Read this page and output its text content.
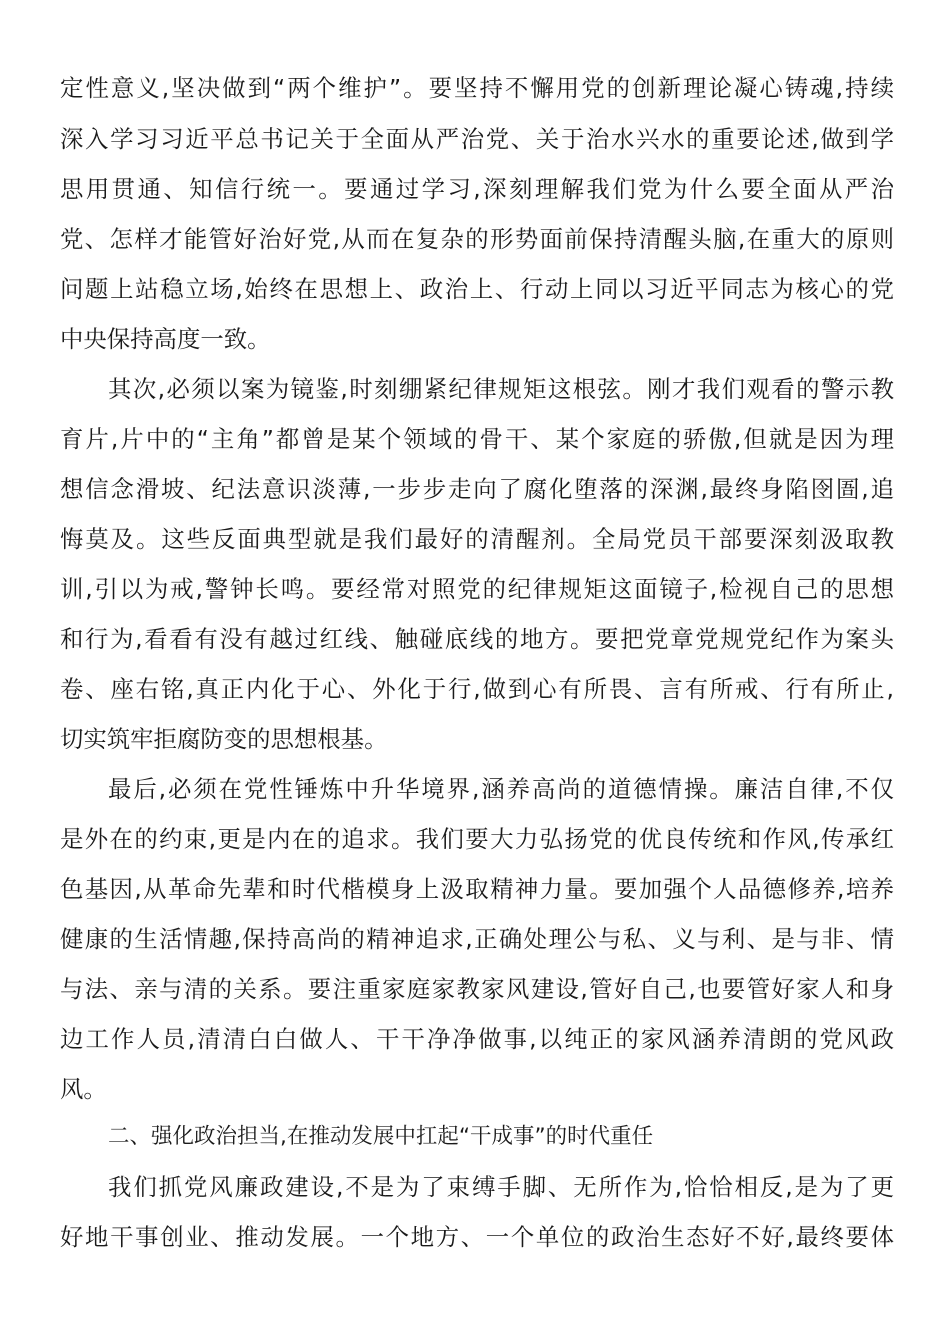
定性意义,坚决做到“两个维护”。要坚持不懈用党的创新理论凝心铸魂,持续
深入学习习近平总书记关于全面从严治党、关于治水兴水的重要论述,做到学
思用贯通、知信行统一。要通过学习,深刻理解我们党为什么要全面从严治
党、怎样才能管好治好党,从而在复杂的形势面前保持清醒头脑,在重大的原则
问题上站稳立场,始终在思想上、政治上、行动上同以习近平同志为核心的党
中央保持高度一致。
其次,必须以案为镜鉴,时刻绷紧纪律规矩这根弦。刚才我们观看的警示教
育片,片中的“主角”都曾是某个领域的骨干、某个家庭的骄傲,但就是因为理
想信念滑坡、纪法意识淡薄,一步步走向了腐化堕落的深渊,最终身陷囹圄,追
悔莫及。这些反面典型就是我们最好的清醒剂。全局党员干部要深刻汲取教
训,引以为戒,警钟长鸣。要经常对照党的纪律规矩这面镜子,检视自己的思想
和行为,看看有没有越过红线、触碰底线的地方。要把党章党规党纪作为案头
卷、座右铭,真正内化于心、外化于行,做到心有所畏、言有所戒、行有所止,
切实筑牢拒腐防变的思想根基。
最后,必须在党性锤炼中升华境界,涵养高尚的道德情操。廉洁自律,不仅
是外在的约束,更是内在的追求。我们要大力弘扬党的优良传统和作风,传承红
色基因,从革命先辈和时代楷模身上汲取精神力量。要加强个人品德修养,培养
健康的生活情趣,保持高尚的精神追求,正确处理公与私、义与利、是与非、情
与法、亲与清的关系。要注重家庭家教家风建设,管好自己,也要管好家人和身
边工作人员,清清白白做人、干干净净做事,以纯正的家风涵养清朗的党风政
风。
二、强化政治担当,在推动发展中扛起“干成事”的时代重任
我们抓党风廉政建设,不是为了束缚手脚、无所作为,恰恰相反,是为了更
好地干事创业、推动发展。一个地方、一个单位的政治生态好不好,最终要体
